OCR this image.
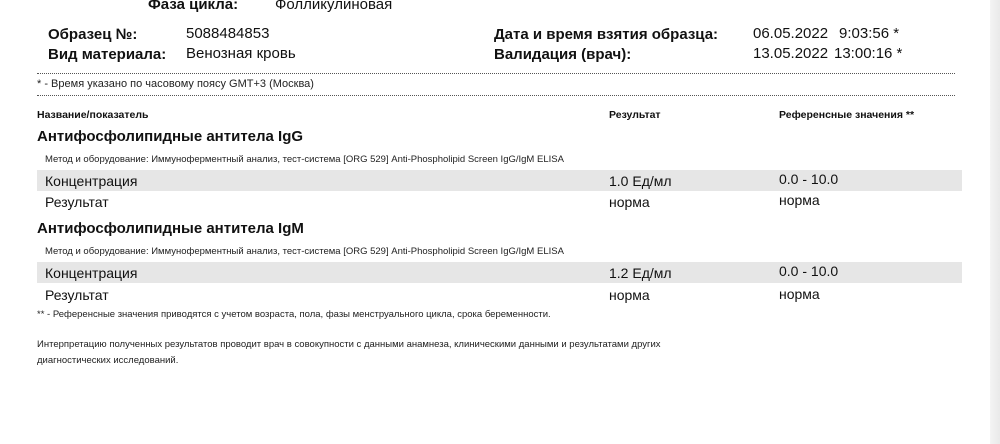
Фаза цикла: Фолликулиновая
Образец №:	5088484853
Вид материала: Венозная кровь
Дата и время взятия образца: 06.05.2022 9:03:56 *
Валидация (врач):	13.05.2022 13:00:16 *
* - Время указано по часовому поясу GMT+3 (Москва)
Название/показатель	Результат	Референсные значения **
Антифосфолипидные антитела IgG
Метод и оборудование: Иммуноферментный анализ, тест-система [ORG 529] Anti-Phospholipid Screen IgG/IgM ELISA
Концентрация	1.0 Ед/мл	0.0 - 10.0
Результат	норма	норма
Антифосфолипидные антитела IgM
Метод и оборудование: Иммуноферментный анализ, тест-система [ORG 529] Anti-Phospholipid Screen IgG/IgM ELISA
Концентрация	1.2 Ед/мл	0.0 - 10.0
Результат	норма	норма
** - Референсные значения приводятся с учетом возраста, пола, фазы менструального цикла, срока беременности.
Интерпретацию полученных результатов проводит врач в совокупности с данными анамнеза, клиническими данными и результатами других
диагностических исследований.
